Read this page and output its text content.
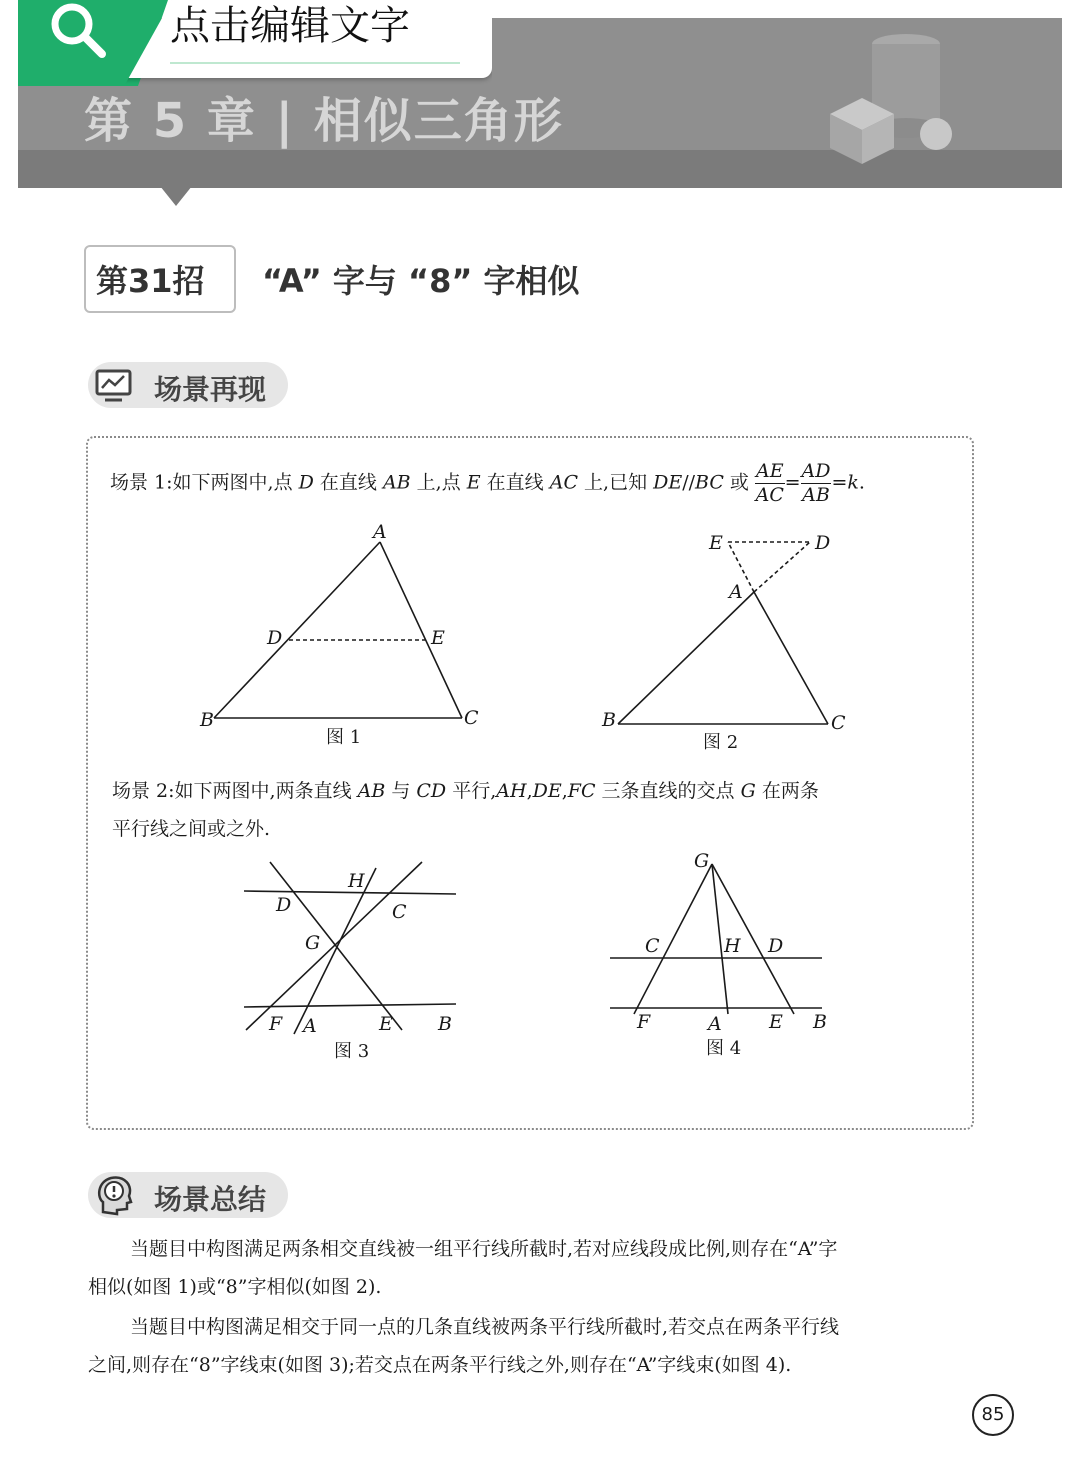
第 5 章 | 相似三角形
点击编辑文字
第31招 “A” 字与 “8” 字相似
场景再现
场景 1:如下两图中,点 D 在直线 AB 上,点 E 在直线 AC 上,已知 DE//BC 或 $\frac{AE}{AC} = \frac{AD}{AB} =k$.
场景 2:如下两图中,两条直线 AB 与 CD 平行,AH,DE,FC 三条直线的交点 G 在两条
平行线之间或之外.
A
D	E
B	C
图 1
E	D
A
B	C
图 2
H
D	C
G
F A	E B
图 3
G
C	H D
F	A E B
图 4
场景总结
当题目中构图满足两条相交直线被一组平行线所截时,若对应线段成比例,则存在“A”字
相似(如图 1)或“8”字相似(如图 2).
当题目中构图满足相交于同一点的几条直线被两条平行线所截时,若交点在两条平行线
之间,则存在“8”字线束(如图 3);若交点在两条平行线之外,则存在“A”字线束(如图 4).
85
